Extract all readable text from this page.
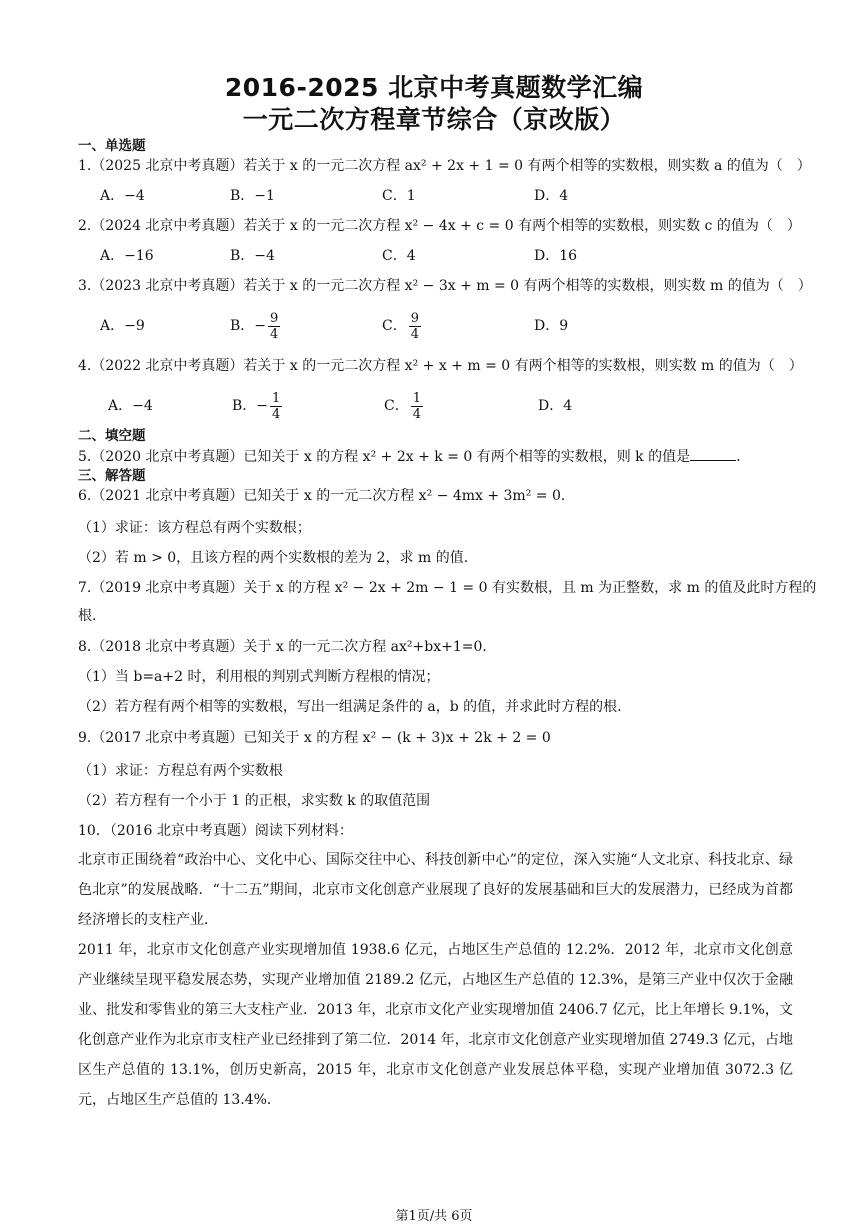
2016-2025 北京中考真题数学汇编
一元二次方程章节综合（京改版）
一、单选题
1.（2025 北京中考真题）若关于 x 的一元二次方程 ax² + 2x + 1 = 0 有两个相等的实数根，则实数 a 的值为（　）
A．−4	B．−1	C．1	D．4
2.（2024 北京中考真题）若关于 x 的一元二次方程 x² − 4x + c = 0 有两个相等的实数根，则实数 c 的值为（　）
A．−16	B．−4	C．4	D．16
3.（2023 北京中考真题）若关于 x 的一元二次方程 x² − 3x + m = 0 有两个相等的实数根，则实数 m 的值为（　）
A．−9	B．− $\frac{9}{4}$	C． $\frac{9}{4}$	D．9
4.（2022 北京中考真题）若关于 x 的一元二次方程 x² + x + m = 0 有两个相等的实数根，则实数 m 的值为（　）
A．−4	B．− $\frac{1}{4}$	C． $\frac{1}{4}$	D．4
二、填空题
5.（2020 北京中考真题）已知关于 x 的方程 x² + 2x + k = 0 有两个相等的实数根，则 k 的值是	.
三、解答题
6.（2021 北京中考真题）已知关于 x 的一元二次方程 x² − 4mx + 3m² = 0．
（1）求证：该方程总有两个实数根；
（2）若 m > 0，且该方程的两个实数根的差为 2，求 m 的值.
7.（2019 北京中考真题）关于 x 的方程 x² − 2x + 2m − 1 = 0 有实数根，且 m 为正整数，求 m 的值及此时方程的
根.
8.（2018 北京中考真题）关于 x 的一元二次方程 ax²+bx+1=0．
（1）当 b=a+2 时，利用根的判别式判断方程根的情况；
（2）若方程有两个相等的实数根，写出一组满足条件的 a，b 的值，并求此时方程的根.
9.（2017 北京中考真题）已知关于 x 的方程 x² − (k + 3)x + 2k + 2 = 0
（1）求证：方程总有两个实数根
（2）若方程有一个小于 1 的正根，求实数 k 的取值范围
10．（2016 北京中考真题）阅读下列材料：
北京市正围绕着“政治中心、文化中心、国际交往中心、科技创新中心”的定位，深入实施“人文北京、科技北京、绿色北京”的发展战略．“十二五”期间，北京市文化创意产业展现了良好的发展基础和巨大的发展潜力，已经成为首都经济增长的支柱产业．
2011 年，北京市文化创意产业实现增加值 1938.6 亿元，占地区生产总值的 12.2%．2012 年，北京市文化创意产业继续呈现平稳发展态势，实现产业增加值 2189.2 亿元，占地区生产总值的 12.3%，是第三产业中仅次于金融业、批发和零售业的第三大支柱产业．2013 年，北京市文化产业实现增加值 2406.7 亿元，比上年增长 9.1%，文化创意产业作为北京市支柱产业已经排到了第二位．2014 年，北京市文化创意产业实现增加值 2749.3 亿元，占地区生产总值的 13.1%，创历史新高，2015 年，北京市文化创意产业发展总体平稳，实现产业增加值 3072.3 亿元，占地区生产总值的 13.4%．
第1页/共 6页
